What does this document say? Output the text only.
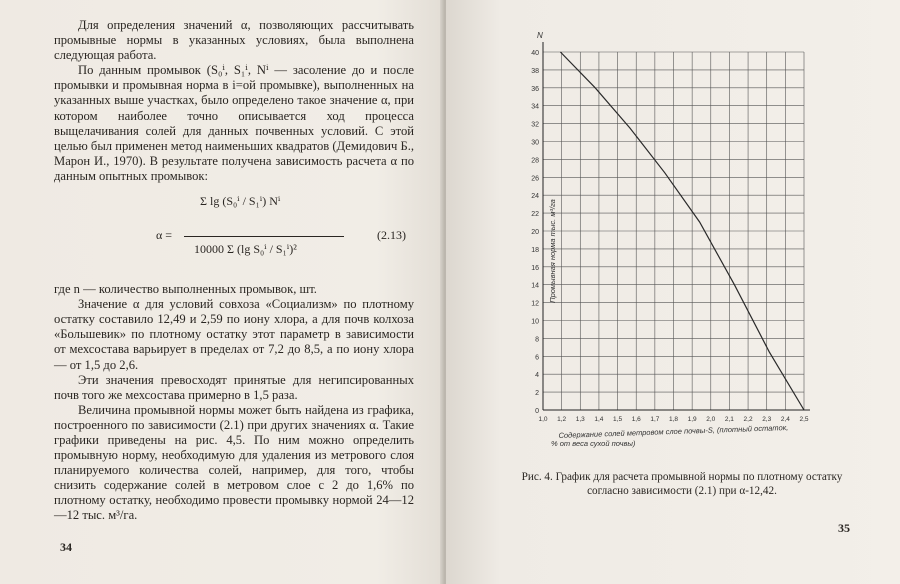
Для определения значений α, позволяющих рассчитывать промывные нормы в указанных условиях, была выполнена следующая работа.

По данным промывок (S₀ⁱ, S₁ⁱ, Nⁱ — засоление до и после промывки и промывная норма в i=ой промывке), выполненных на указанных выше участках, было определено такое значение α, при котором наиболее точно описывается ход процесса выщелачивания солей для данных почвенных условий. С этой целью был применен метод наименьших квадратов (Демидович Б., Марон И., 1970). В результате получена зависимость расчета α по данным опытных промывок:

α =
Σ lg (S₀ⁱ / S₁ⁱ) Nⁱ
10000 Σ (lg S₀ⁱ / S₁ⁱ)²
(2.13)

где n — количество выполненных промывок, шт.

Значение α для условий совхоза «Социализм» по плотному остатку составило 12,49 и 2,59 по иону хлора, а для почв колхоза «Большевик» по плотному остатку этот параметр в зависимости от мехсостава варьирует в пределах от 7,2 до 8,5, а по иону хлора — от 1,5 до 2,6.

Эти значения превосходят принятые для негипсированных почв того же мехсостава примерно в 1,5 раза.

Величина промывной нормы может быть найдена из графика, построенного по зависимости (2.1) при других значениях α. Такие графики приведены на рис. 4,5. По ним можно определить промывную норму, необходимую для удаления из метрового слоя планируемого количества солей, например, для того, чтобы снизить содержание солей в метровом слое с 2 до 1,6% по плотному остатку, необходимо провести промывку нормой 24—12—12 тыс. м³/га.

34
0
2
4
6
8
10
12
14
16
18
20
22
24
26
28
30
32
34
36
38
40
1,0 1,2 1,3 1,4 1,5 1,6 1,7 1,8 1,9 2,0 2,1 2,2 2,3 2,4 2,5
N
Промывная норма тыс. м³/га
Содержание солей метровом слое почвы-S, (плотный остаток,
% от веса сухой почвы)
Рис. 4. График для расчета промывной нормы по плотному остатку согласно зависимости (2.1) при α-12,42.
35
